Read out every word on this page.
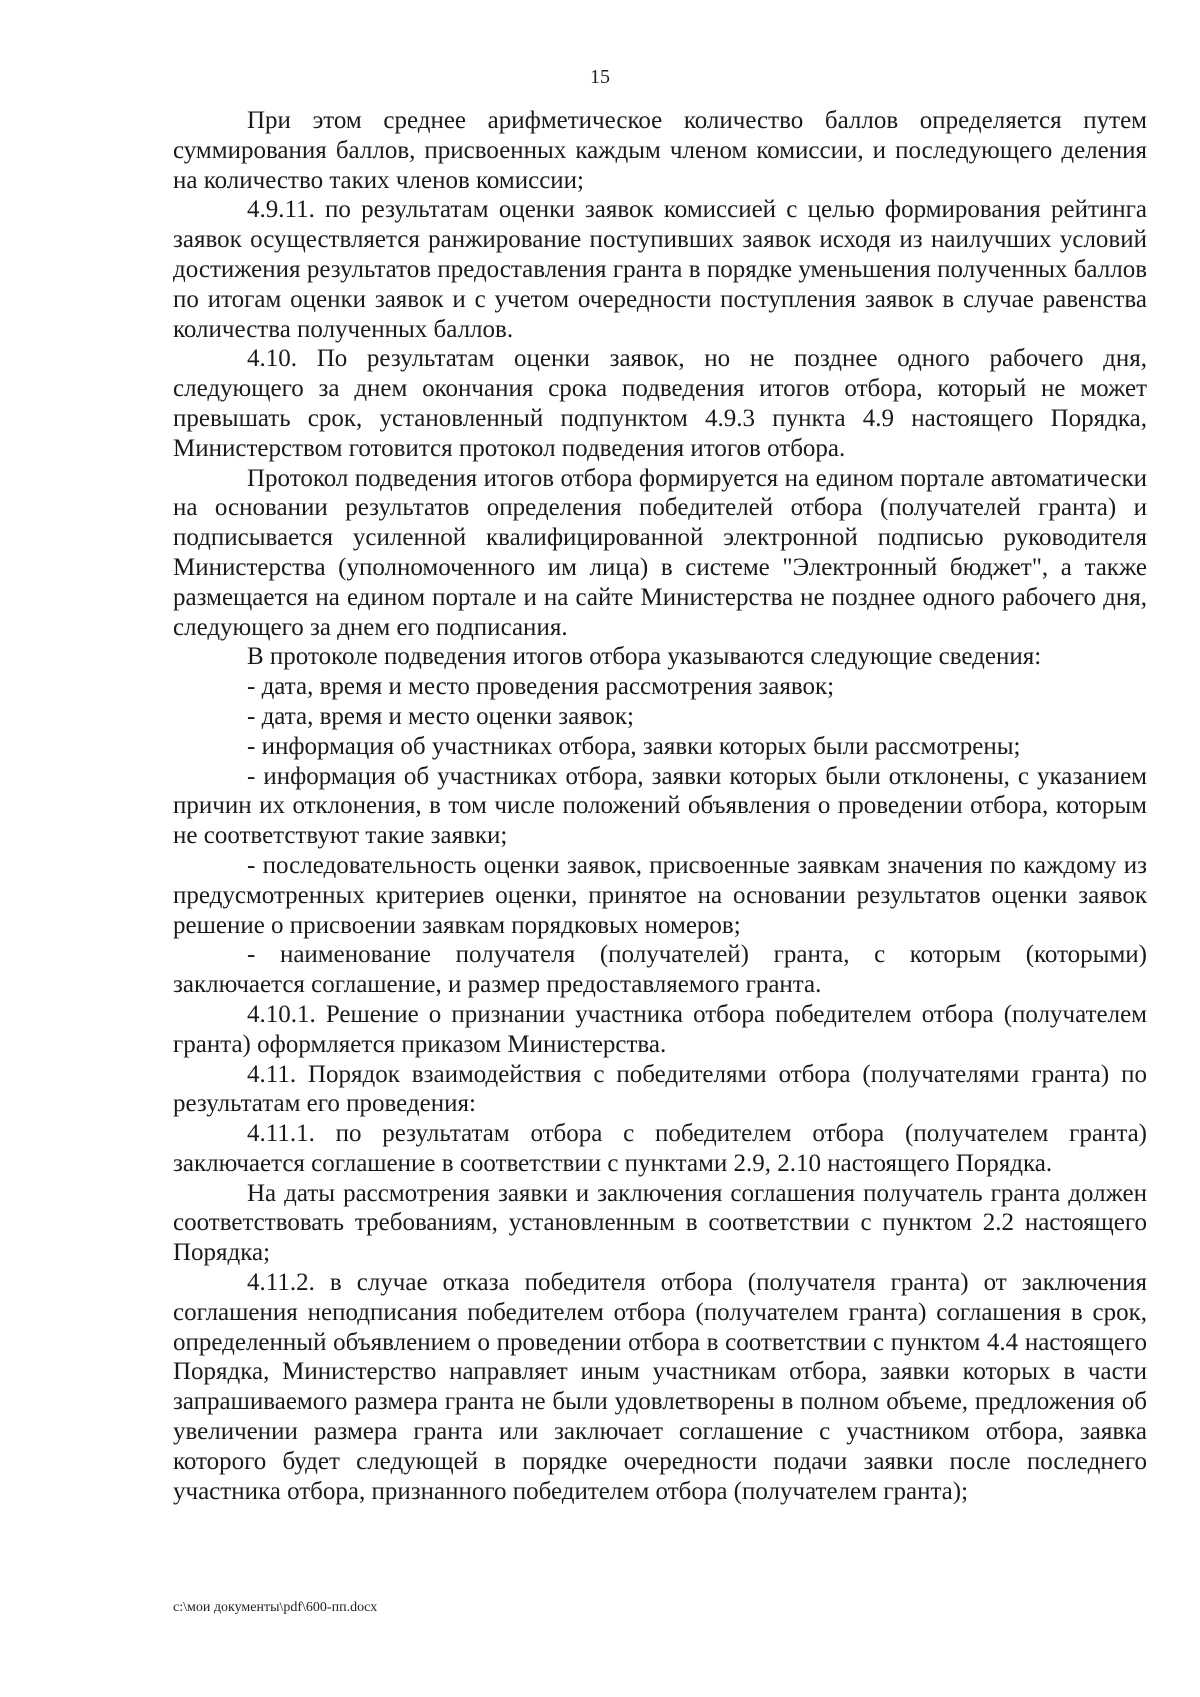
15

При этом среднее арифметическое количество баллов определяется путем суммирования баллов, присвоенных каждым членом комиссии, и последующего деления на количество таких членов комиссии;

4.9.11. по результатам оценки заявок комиссией с целью формирования рейтинга заявок осуществляется ранжирование поступивших заявок исходя из наилучших условий достижения результатов предоставления гранта в порядке уменьшения полученных баллов по итогам оценки заявок и с учетом очередности поступления заявок в случае равенства количества полученных баллов.

4.10. По результатам оценки заявок, но не позднее одного рабочего дня, следующего за днем окончания срока подведения итогов отбора, который не может превышать срок, установленный подпунктом 4.9.3 пункта 4.9 настоящего Порядка, Министерством готовится протокол подведения итогов отбора.

Протокол подведения итогов отбора формируется на едином портале автоматически на основании результатов определения победителей отбора (получателей гранта) и подписывается усиленной квалифицированной электронной подписью руководителя Министерства (уполномоченного им лица) в системе "Электронный бюджет", а также размещается на едином портале и на сайте Министерства не позднее одного рабочего дня, следующего за днем его подписания.

В протоколе подведения итогов отбора указываются следующие сведения:

- дата, время и место проведения рассмотрения заявок;

- дата, время и место оценки заявок;

- информация об участниках отбора, заявки которых были рассмотрены;

- информация об участниках отбора, заявки которых были отклонены, с указанием причин их отклонения, в том числе положений объявления о проведении отбора, которым не соответствуют такие заявки;

- последовательность оценки заявок, присвоенные заявкам значения по каждому из предусмотренных критериев оценки, принятое на основании результатов оценки заявок решение о присвоении заявкам порядковых номеров;

- наименование получателя (получателей) гранта, с которым (которыми) заключается соглашение, и размер предоставляемого гранта.

4.10.1. Решение о признании участника отбора победителем отбора (получателем гранта) оформляется приказом Министерства.

4.11. Порядок взаимодействия с победителями отбора (получателями гранта) по результатам его проведения:

4.11.1. по результатам отбора с победителем отбора (получателем гранта) заключается соглашение в соответствии с пунктами 2.9, 2.10 настоящего Порядка.

На даты рассмотрения заявки и заключения соглашения получатель гранта должен соответствовать требованиям, установленным в соответствии с пунктом 2.2 настоящего Порядка;

4.11.2. в случае отказа победителя отбора (получателя гранта) от заключения соглашения неподписания победителем отбора (получателем гранта) соглашения в срок, определенный объявлением о проведении отбора в соответствии с пунктом 4.4 настоящего Порядка, Министерство направляет иным участникам отбора, заявки которых в части запрашиваемого размера гранта не были удовлетворены в полном объеме, предложения об увеличении размера гранта или заключает соглашение с участником отбора, заявка которого будет следующей в порядке очередности подачи заявки после последнего участника отбора, признанного победителем отбора (получателем гранта);

c:\мои документы\pdf\600-пп.docx
